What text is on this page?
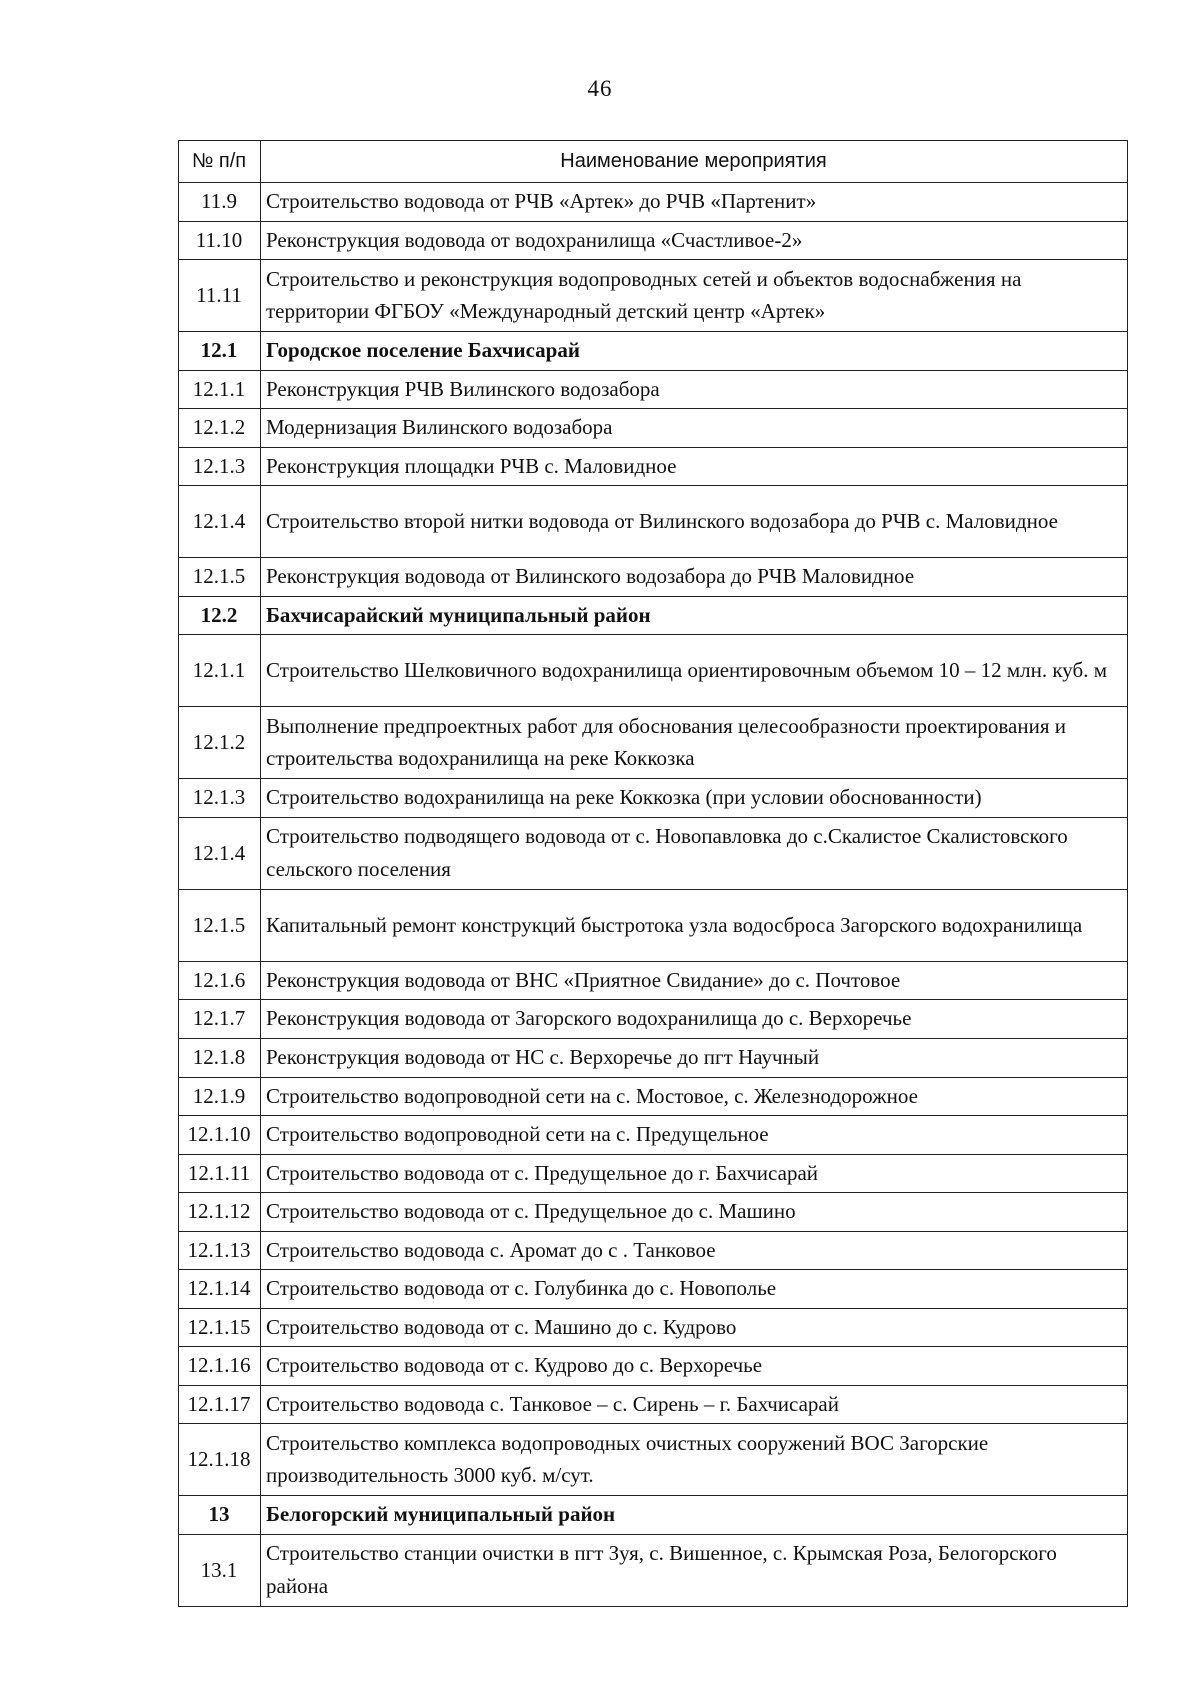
46
№ п/п	Наименование мероприятия
11.9	Строительство водовода от РЧВ «Артек» до РЧВ «Партенит»
11.10	Реконструкция водовода от водохранилища «Счастливое-2»
11.11	Строительство и реконструкция водопроводных сетей и объектов водоснабжения на территории ФГБОУ «Международный детский центр «Артек»
12.1	Городское поселение Бахчисарай
12.1.1	Реконструкция РЧВ Вилинского водозабора
12.1.2	Модернизация Вилинского водозабора
12.1.3	Реконструкция площадки РЧВ с. Маловидное
12.1.4	Строительство второй нитки водовода от Вилинского водозабора до РЧВ с. Маловидное
12.1.5	Реконструкция водовода от Вилинского водозабора до РЧВ Маловидное
12.2	Бахчисарайский муниципальный район
12.1.1	Строительство Шелковичного водохранилища ориентировочным объемом 10 – 12 млн. куб. м
12.1.2	Выполнение предпроектных работ для обоснования целесообразности проектирования и строительства водохранилища на реке Коккозка
12.1.3	Строительство водохранилища на реке Коккозка (при условии обоснованности)
12.1.4	Строительство подводящего водовода от с. Новопавловка до с.Скалистое Скалистовского сельского поселения
12.1.5	Капитальный ремонт конструкций быстротока узла водосброса Загорского водохранилища
12.1.6	Реконструкция водовода от ВНС «Приятное Свидание» до с. Почтовое
12.1.7	Реконструкция водовода от Загорского водохранилища до с. Верхоречье
12.1.8	Реконструкция водовода от НС с. Верхоречье до пгт Научный
12.1.9	Строительство водопроводной сети на с. Мостовое, с. Железнодорожное
12.1.10	Строительство водопроводной сети на с. Предущельное
12.1.11	Строительство водовода от с. Предущельное до г. Бахчисарай
12.1.12	Строительство водовода от с. Предущельное до с. Машино
12.1.13	Строительство водовода с. Аромат до с . Танковое
12.1.14	Строительство водовода от с. Голубинка до с. Новополье
12.1.15	Строительство водовода от с. Машино до с. Кудрово
12.1.16	Строительство водовода от с. Кудрово до с. Верхоречье
12.1.17	Строительство водовода с. Танковое – с. Сирень – г. Бахчисарай
12.1.18	Строительство комплекса водопроводных очистных сооружений ВОС Загорские производительность 3000 куб. м/сут.
13	Белогорский муниципальный район
13.1	Строительство станции очистки в пгт Зуя, с. Вишенное, с. Крымская Роза, Белогорского района
